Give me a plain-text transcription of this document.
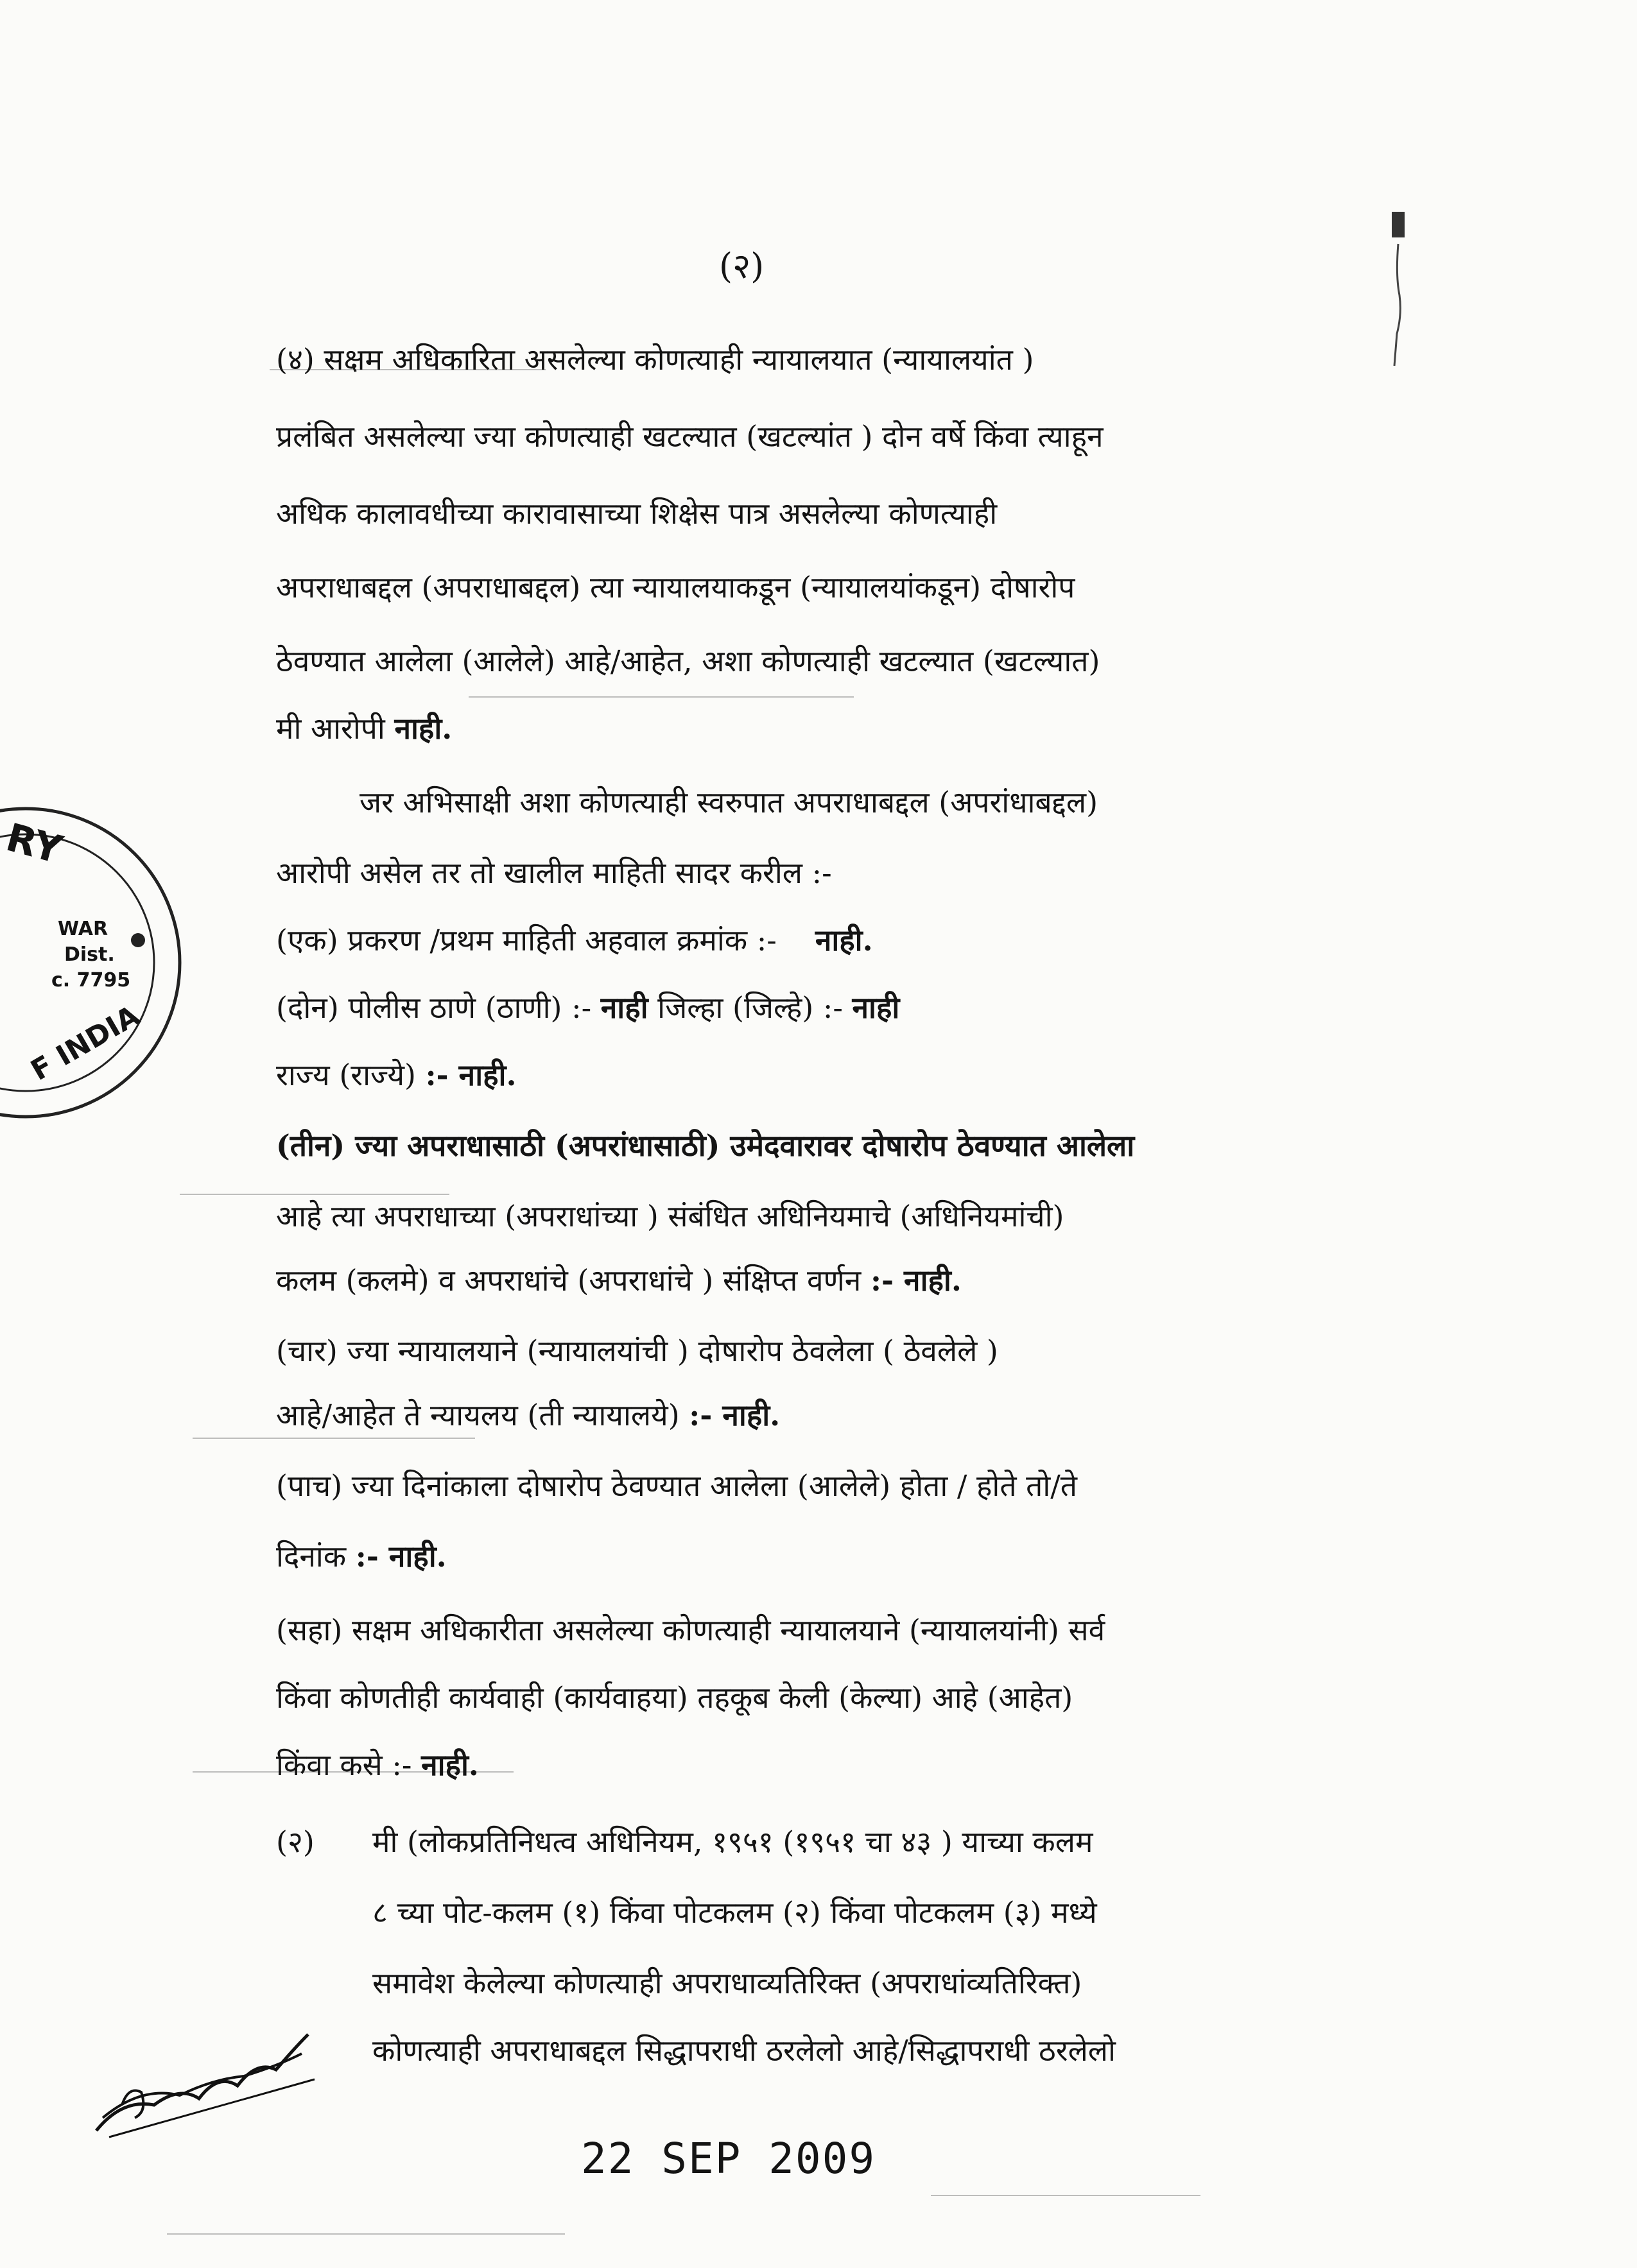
(२)
(४) सक्षम अधिकारिता असलेल्या कोणत्याही न्यायालयात (न्यायालयांत )
प्रलंबित असलेल्या ज्या कोणत्याही खटल्यात (खटल्यांत ) दोन वर्षे किंवा त्याहून
अधिक कालावधीच्या कारावासाच्या शिक्षेस पात्र असलेल्या कोणत्याही
अपराधाबद्दल (अपराधाबद्दल) त्या न्यायालयाकडून (न्यायालयांकडून) दोषारोप
ठेवण्यात आलेला (आलेले) आहे/आहेत, अशा कोणत्याही खटल्यात (खटल्यात)
मी आरोपी नाही.
जर अभिसाक्षी अशा कोणत्याही स्वरुपात अपराधाबद्दल (अपरांधाबद्दल)
आरोपी असेल तर तो खालील माहिती सादर करील :-
(एक) प्रकरण /प्रथम माहिती अहवाल क्रमांक :- नाही.
(दोन) पोलीस ठाणे (ठाणी) :- नाही जिल्हा (जिल्हे) :- नाही
राज्य (राज्ये) :- नाही.
(तीन) ज्या अपराधासाठी (अपरांधासाठी) उमेदवारावर दोषारोप ठेवण्यात आलेला
आहे त्या अपराधाच्या (अपराधांच्या ) संबंधित अधिनियमाचे (अधिनियमांची)
कलम (कलमे) व अपराधांचे (अपराधांचे ) संक्षिप्त वर्णन :- नाही.
(चार) ज्या न्यायालयाने (न्यायालयांची ) दोषारोप ठेवलेला ( ठेवलेले )
आहे/आहेत ते न्यायलय (ती न्यायालये) :- नाही.
(पाच) ज्या दिनांकाला दोषारोप ठेवण्यात आलेला (आलेले) होता / होते तो/ते
दिनांक :- नाही.
(सहा) सक्षम अधिकारीता असलेल्या कोणत्याही न्यायालयाने (न्यायालयांनी) सर्व
किंवा कोणतीही कार्यवाही (कार्यवाहया) तहकूब केली (केल्या) आहे (आहेत)
किंवा कसे :- नाही.
(२) मी (लोकप्रतिनिधत्व अधिनियम, १९५१ (१९५१ चा ४३ ) याच्या कलम
८ च्या पोट-कलम (१) किंवा पोटकलम (२) किंवा पोटकलम (३) मध्ये
समावेश केलेल्या कोणत्याही अपराधाव्यतिरिक्त (अपराधांव्यतिरिक्त)
कोणत्याही अपराधाबद्दल सिद्धापराधी ठरलेलो आहे/सिद्धापराधी ठरलेलो
RY
WAR
Dist.
c. 7795
F INDIA
22 SEP 2009
